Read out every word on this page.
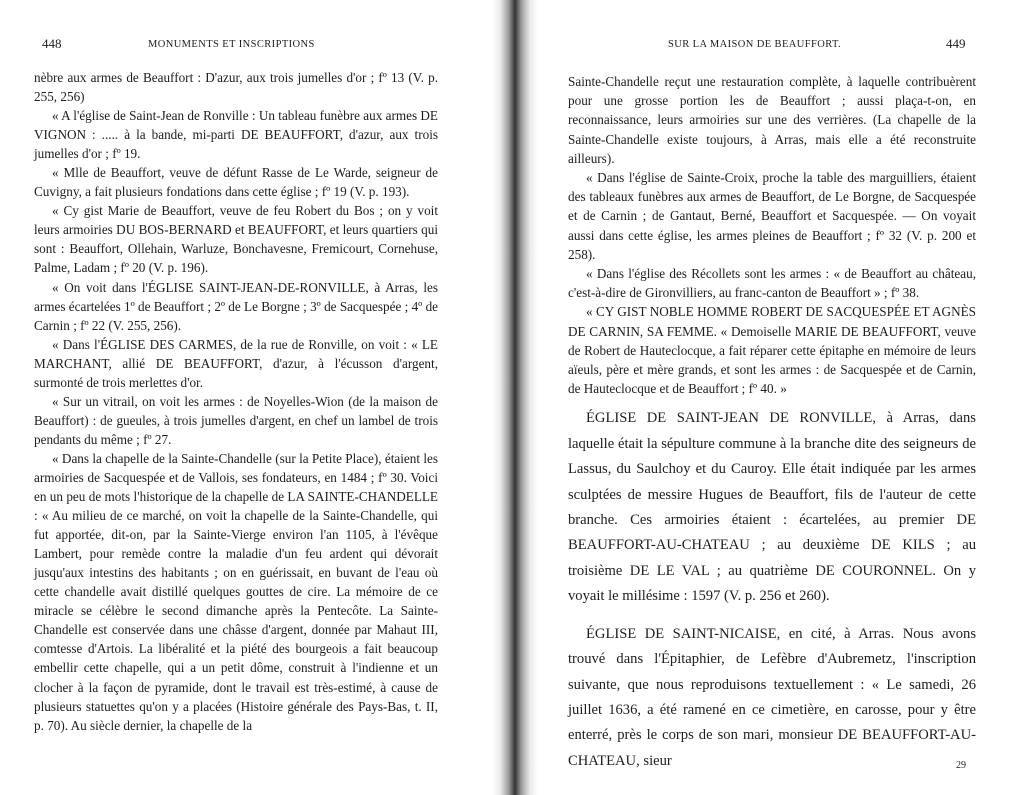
448	MONUMENTS ET INSCRIPTIONS

nèbre aux armes de Beauffort : D'azur, aux trois jumelles d'or ; fº 13 (V. p. 255, 256)

« A l'église de Saint-Jean de Ronville : Un tableau funèbre aux armes DE VIGNON : ..... à la bande, mi-parti DE BEAUFFORT, d'azur, aux trois jumelles d'or ; fº 19.

« Mlle de Beauffort, veuve de défunt Rasse de Le Warde, seigneur de Cuvigny, a fait plusieurs fondations dans cette église ; fº 19 (V. p. 193).

« Cy gist Marie de Beauffort, veuve de feu Robert du Bos ; on y voit leurs armoiries DU BOS-BERNARD et BEAUFFORT, et leurs quartiers qui sont : Beauffort, Ollehain, Warluze, Bonchavesne, Fremicourt, Cornehuse, Palme, Ladam ; fº 20 (V. p. 196).

« On voit dans l'ÉGLISE SAINT-JEAN-DE-RONVILLE, à Arras, les armes écartelées 1º de Beauffort ; 2º de Le Borgne ; 3º de Sacquespée ; 4º de Carnin ; fº 22 (V. 255, 256).

« Dans l'ÉGLISE DES CARMES, de la rue de Ronville, on voit : « LE MARCHANT, allié DE BEAUFFORT, d'azur, à l'écusson d'argent, surmonté de trois merlettes d'or.

« Sur un vitrail, on voit les armes : de Noyelles-Wion (de la maison de Beauffort) : de gueules, à trois jumelles d'argent, en chef un lambel de trois pendants du même ; fº 27.

« Dans la chapelle de la Sainte-Chandelle (sur la Petite Place), étaient les armoiries de Sacquespée et de Vallois, ses fondateurs, en 1484 ; fº 30. Voici en un peu de mots l'historique de la chapelle de LA SAINTE-CHANDELLE : « Au milieu de ce marché, on voit la chapelle de la Sainte-Chandelle, qui fut apportée, dit-on, par la Sainte-Vierge environ l'an 1105, à l'évêque Lambert, pour remède contre la maladie d'un feu ardent qui dévorait jusqu'aux intestins des habitants ; on en guérissait, en buvant de l'eau où cette chandelle avait distillé quelques gouttes de cire. La mémoire de ce miracle se célèbre le second dimanche après la Pentecôte. La Sainte-Chandelle est conservée dans une châsse d'argent, donnée par Mahaut III, comtesse d'Artois. La libéralité et la piété des bourgeois a fait beaucoup embellir cette chapelle, qui a un petit dôme, construit à l'indienne et un clocher à la façon de pyramide, dont le travail est très-estimé, à cause de plusieurs statuettes qu'on y a placées (Histoire générale des Pays-Bas, t. II, p. 70). Au siècle dernier, la chapelle de la

SUR LA MAISON DE BEAUFFORT.	449

Sainte-Chandelle reçut une restauration complète, à laquelle contribuèrent pour une grosse portion les de Beauffort ; aussi plaça-t-on, en reconnaissance, leurs armoiries sur une des verrières. (La chapelle de la Sainte-Chandelle existe toujours, à Arras, mais elle a été reconstruite ailleurs).

« Dans l'église de Sainte-Croix, proche la table des marguilliers, étaient des tableaux funèbres aux armes de Beauffort, de Le Borgne, de Sacquespée et de Carnin ; de Gantaut, Berné, Beauffort et Sacquespée. — On voyait aussi dans cette église, les armes pleines de Beauffort ; fº 32 (V. p. 200 et 258).

« Dans l'église des Récollets sont les armes : « de Beauffort au château, c'est-à-dire de Gironvilliers, au franc-canton de Beauffort » ; fº 38.

« CY GIST NOBLE HOMME ROBERT DE SACQUESPÉE ET AGNÈS DE CARNIN, SA FEMME. « Demoiselle MARIE DE BEAUFFORT, veuve de Robert de Hauteclocque, a fait réparer cette épitaphe en mémoire de leurs aïeuls, père et mère grands, et sont les armes : de Sacquespée et de Carnin, de Hauteclocque et de Beauffort ; fº 40. »

ÉGLISE DE SAINT-JEAN DE RONVILLE, à Arras, dans laquelle était la sépulture commune à la branche dite des seigneurs de Lassus, du Saulchoy et du Cauroy. Elle était indiquée par les armes sculptées de messire Hugues de Beauffort, fils de l'auteur de cette branche. Ces armoiries étaient : écartelées, au premier DE BEAUFFORT-AU-CHATEAU ; au deuxième DE KILS ; au troisième DE LE VAL ; au quatrième DE COURONNEL. On y voyait le millésime : 1597 (V. p. 256 et 260).

ÉGLISE DE SAINT-NICAISE, en cité, à Arras. Nous avons trouvé dans l'Épitaphier, de Lefèbre d'Aubremetz, l'inscription suivante, que nous reproduisons textuellement : « Le samedi, 26 juillet 1636, a été ramené en ce cimetière, en carosse, pour y être enterré, près le corps de son mari, monsieur DE BEAUFFORT-AU-CHATEAU, sieur	29
